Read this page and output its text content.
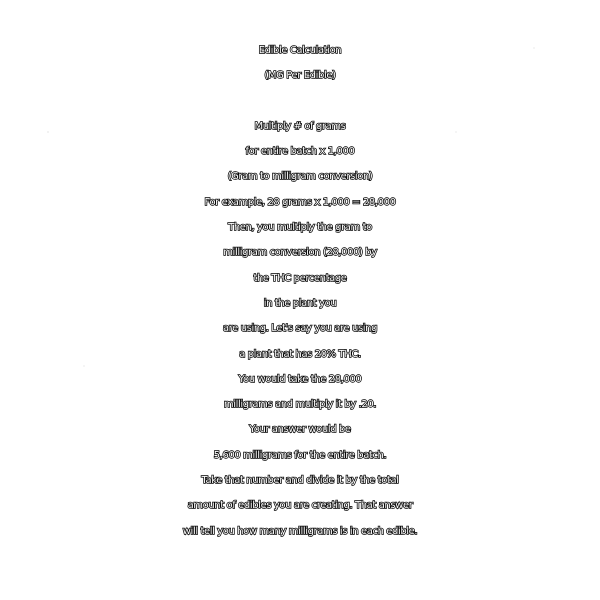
Edible Calculation
(MG Per Edible)
Multiply # of grams
for entire batch x 1,000
(Gram to milligram conversion)
For example, 28 grams x 1,000 = 28,000
Then, you multiply the gram to
milligram conversion (28,000) by
the THC percentage
in the plant you
are using. Let's say you are using
a plant that has 20% THC.
You would take the 28,000
milligrams and multiply it by .20.
Your answer would be
5,600 milligrams for the entire batch.
Take that number and divide it by the total
amount of edibles you are creating. That answer
will tell you how many milligrams is in each edible.
